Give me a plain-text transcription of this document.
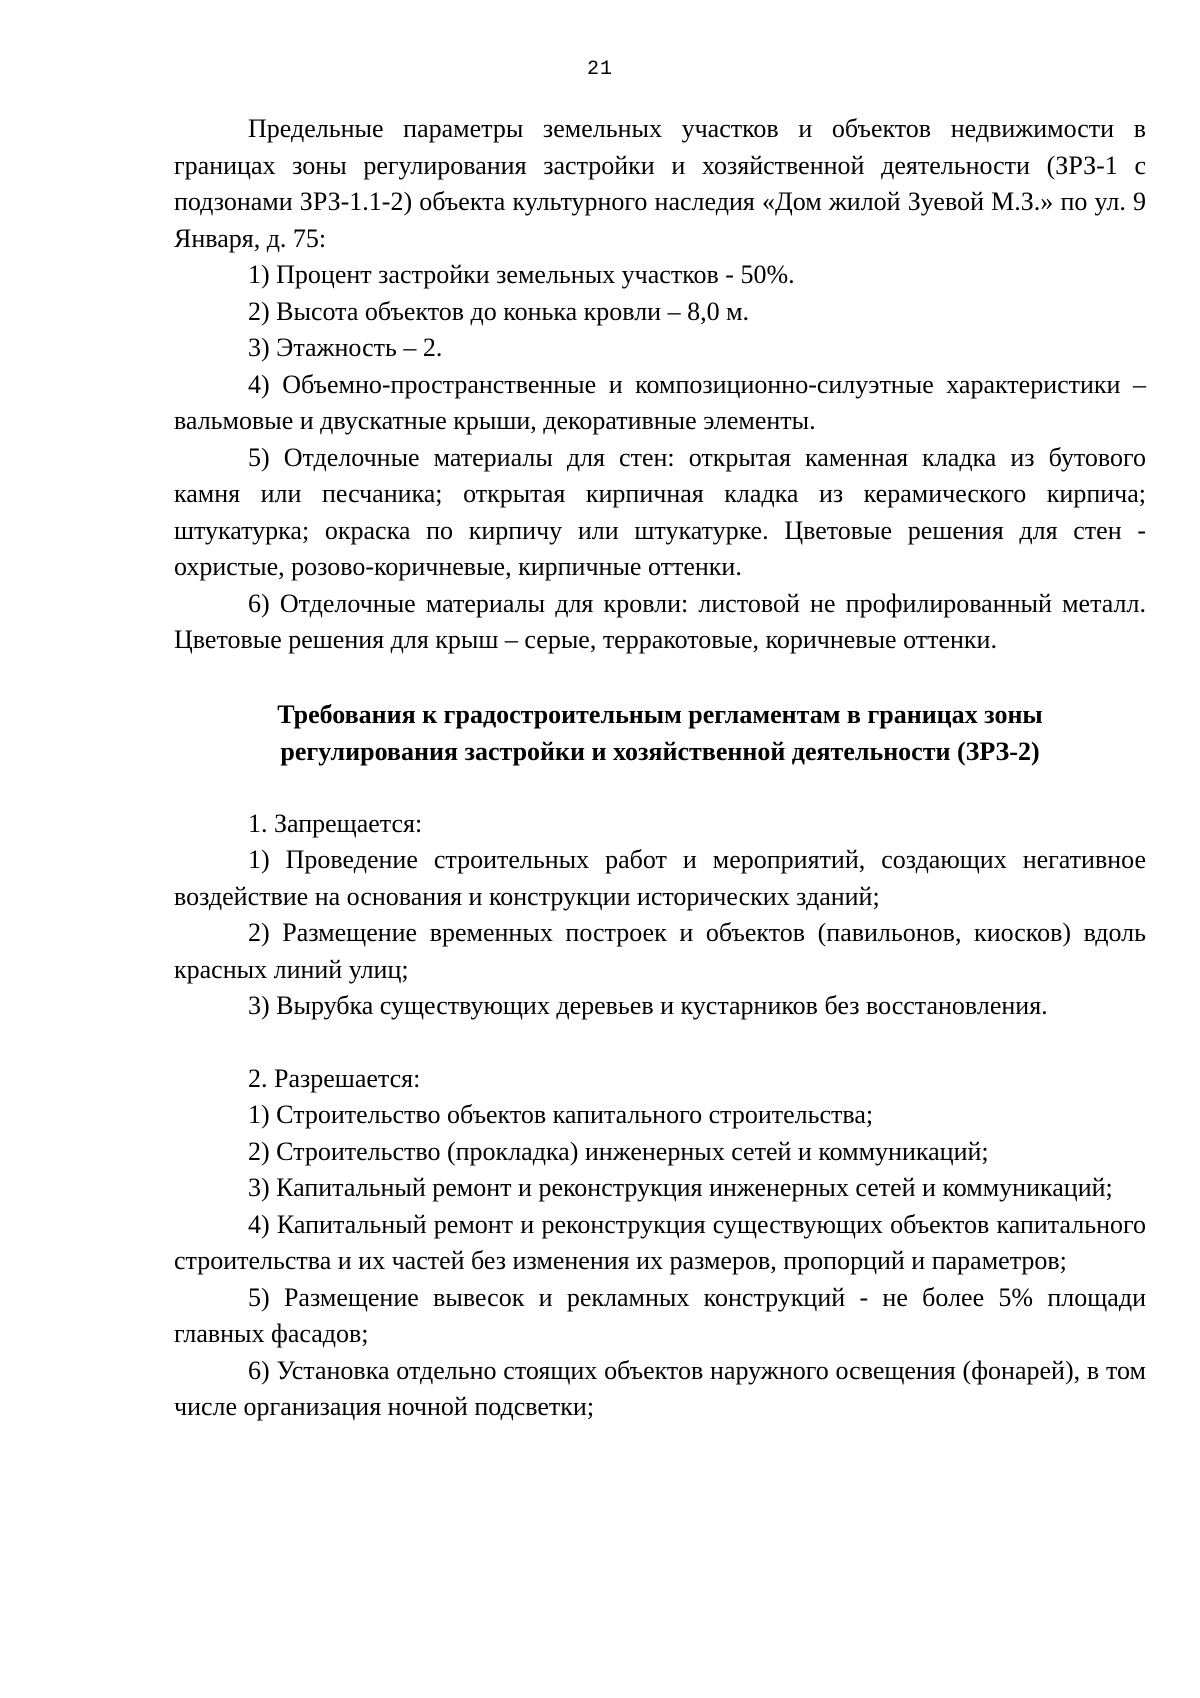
21

Предельные параметры земельных участков и объектов недвижимости в границах зоны регулирования застройки и хозяйственной деятельности (ЗРЗ-1 с подзонами ЗРЗ-1.1-2) объекта культурного наследия «Дом жилой Зуевой М.З.» по ул. 9 Января, д. 75:

1) Процент застройки земельных участков - 50%.

2) Высота объектов до конька кровли – 8,0 м.

3) Этажность – 2.

4) Объемно-пространственные и композиционно-силуэтные характеристики – вальмовые и двускатные крыши, декоративные элементы.

5) Отделочные материалы для стен: открытая каменная кладка из бутового камня или песчаника; открытая кирпичная кладка из керамического кирпича; штукатурка; окраска по кирпичу или штукатурке. Цветовые решения для стен - охристые, розово-коричневые, кирпичные оттенки.

6) Отделочные материалы для кровли: листовой не профилированный металл. Цветовые решения для крыш – серые, терракотовые, коричневые оттенки.

Требования к градостроительным регламентам в границах зоны

регулирования застройки и хозяйственной деятельности (ЗРЗ-2)

1. Запрещается:

1) Проведение строительных работ и мероприятий, создающих негативное воздействие на основания и конструкции исторических зданий;

2) Размещение временных построек и объектов (павильонов, киосков) вдоль красных линий улиц;

3) Вырубка существующих деревьев и кустарников без восстановления.

2. Разрешается:

1) Строительство объектов капитального строительства;

2) Строительство (прокладка) инженерных сетей и коммуникаций;

3) Капитальный ремонт и реконструкция инженерных сетей и коммуникаций;

4) Капитальный ремонт и реконструкция существующих объектов капитального строительства и их частей без изменения их размеров, пропорций и параметров;

5) Размещение вывесок и рекламных конструкций - не более 5% площади главных фасадов;

6) Установка отдельно стоящих объектов наружного освещения (фонарей), в том числе организация ночной подсветки;
